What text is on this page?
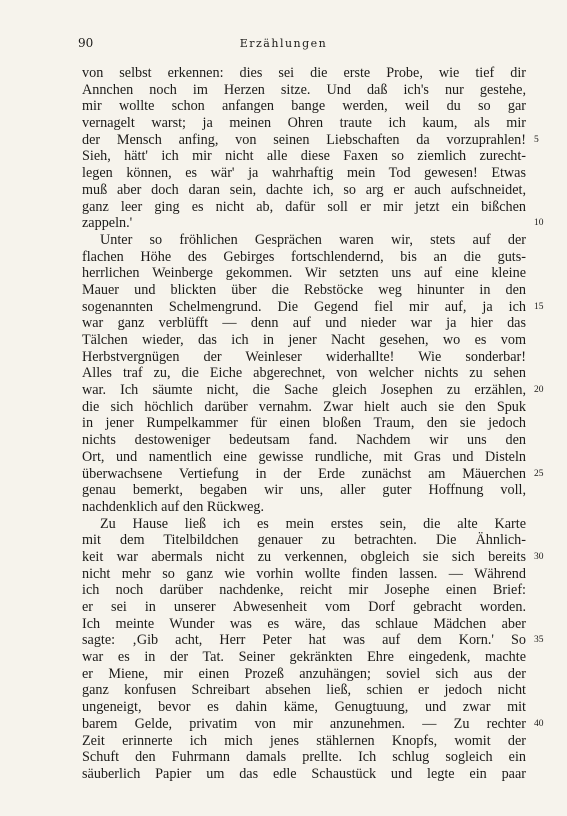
90	Erzählungen
von selbst erkennen: dies sei die erste Probe, wie tief dir
Annchen noch im Herzen sitze. Und daß ich's nur gestehe,
mir wollte schon anfangen bange werden, weil du so gar
vernagelt warst; ja meinen Ohren traute ich kaum, als mir
der Mensch anfing, von seinen Liebschaften da vorzuprahlen! 5
Sieh, hätt' ich mir nicht alle diese Faxen so ziemlich zurecht-
legen können, es wär' ja wahrhaftig mein Tod gewesen! Etwas
muß aber doch daran sein, dachte ich, so arg er auch aufschneidet,
ganz leer ging es nicht ab, dafür soll er mir jetzt ein bißchen
zappeln.'	10
Unter so fröhlichen Gesprächen waren wir, stets auf der
flachen Höhe des Gebirges fortschlendernd, bis an die guts-
herrlichen Weinberge gekommen. Wir setzten uns auf eine kleine
Mauer und blickten über die Rebstöcke weg hinunter in den
sogenannten Schelmengrund. Die Gegend fiel mir auf, ja ich 15
war ganz verblüfft — denn auf und nieder war ja hier das
Tälchen wieder, das ich in jener Nacht gesehen, wo es vom
Herbstvergnügen der Weinleser widerhallte! Wie sonderbar!
Alles traf zu, die Eiche abgerechnet, von welcher nichts zu sehen
war. Ich säumte nicht, die Sache gleich Josephen zu erzählen, 20
die sich höchlich darüber vernahm. Zwar hielt auch sie den Spuk
in jener Rumpelkammer für einen bloßen Traum, den sie jedoch
nichts destoweniger bedeutsam fand. Nachdem wir uns den
Ort, und namentlich eine gewisse rundliche, mit Gras und Disteln
überwachsene Vertiefung in der Erde zunächst am Mäuerchen 25
genau bemerkt, begaben wir uns, aller guter Hoffnung voll,
nachdenklich auf den Rückweg.
Zu Hause ließ ich es mein erstes sein, die alte Karte
mit dem Titelbildchen genauer zu betrachten. Die Ähnlich-
keit war abermals nicht zu verkennen, obgleich sie sich bereits 30
nicht mehr so ganz wie vorhin wollte finden lassen. — Während
ich noch darüber nachdenke, reicht mir Josephe einen Brief:
er sei in unserer Abwesenheit vom Dorf gebracht worden.
Ich meinte Wunder was es wäre, das schlaue Mädchen aber
sagte: ‚Gib acht, Herr Peter hat was auf dem Korn.' So 35
war es in der Tat. Seiner gekränkten Ehre eingedenk, machte
er Miene, mir einen Prozeß anzuhängen; soviel sich aus der
ganz konfusen Schreibart absehen ließ, schien er jedoch nicht
ungeneigt, bevor es dahin käme, Genugtuung, und zwar mit
barem Gelde, privatim von mir anzunehmen. — Zu rechter 40
Zeit erinnerte ich mich jenes stählernen Knopfs, womit der
Schuft den Fuhrmann damals prellte. Ich schlug sogleich ein
säuberlich Papier um das edle Schaustück und legte ein paar
